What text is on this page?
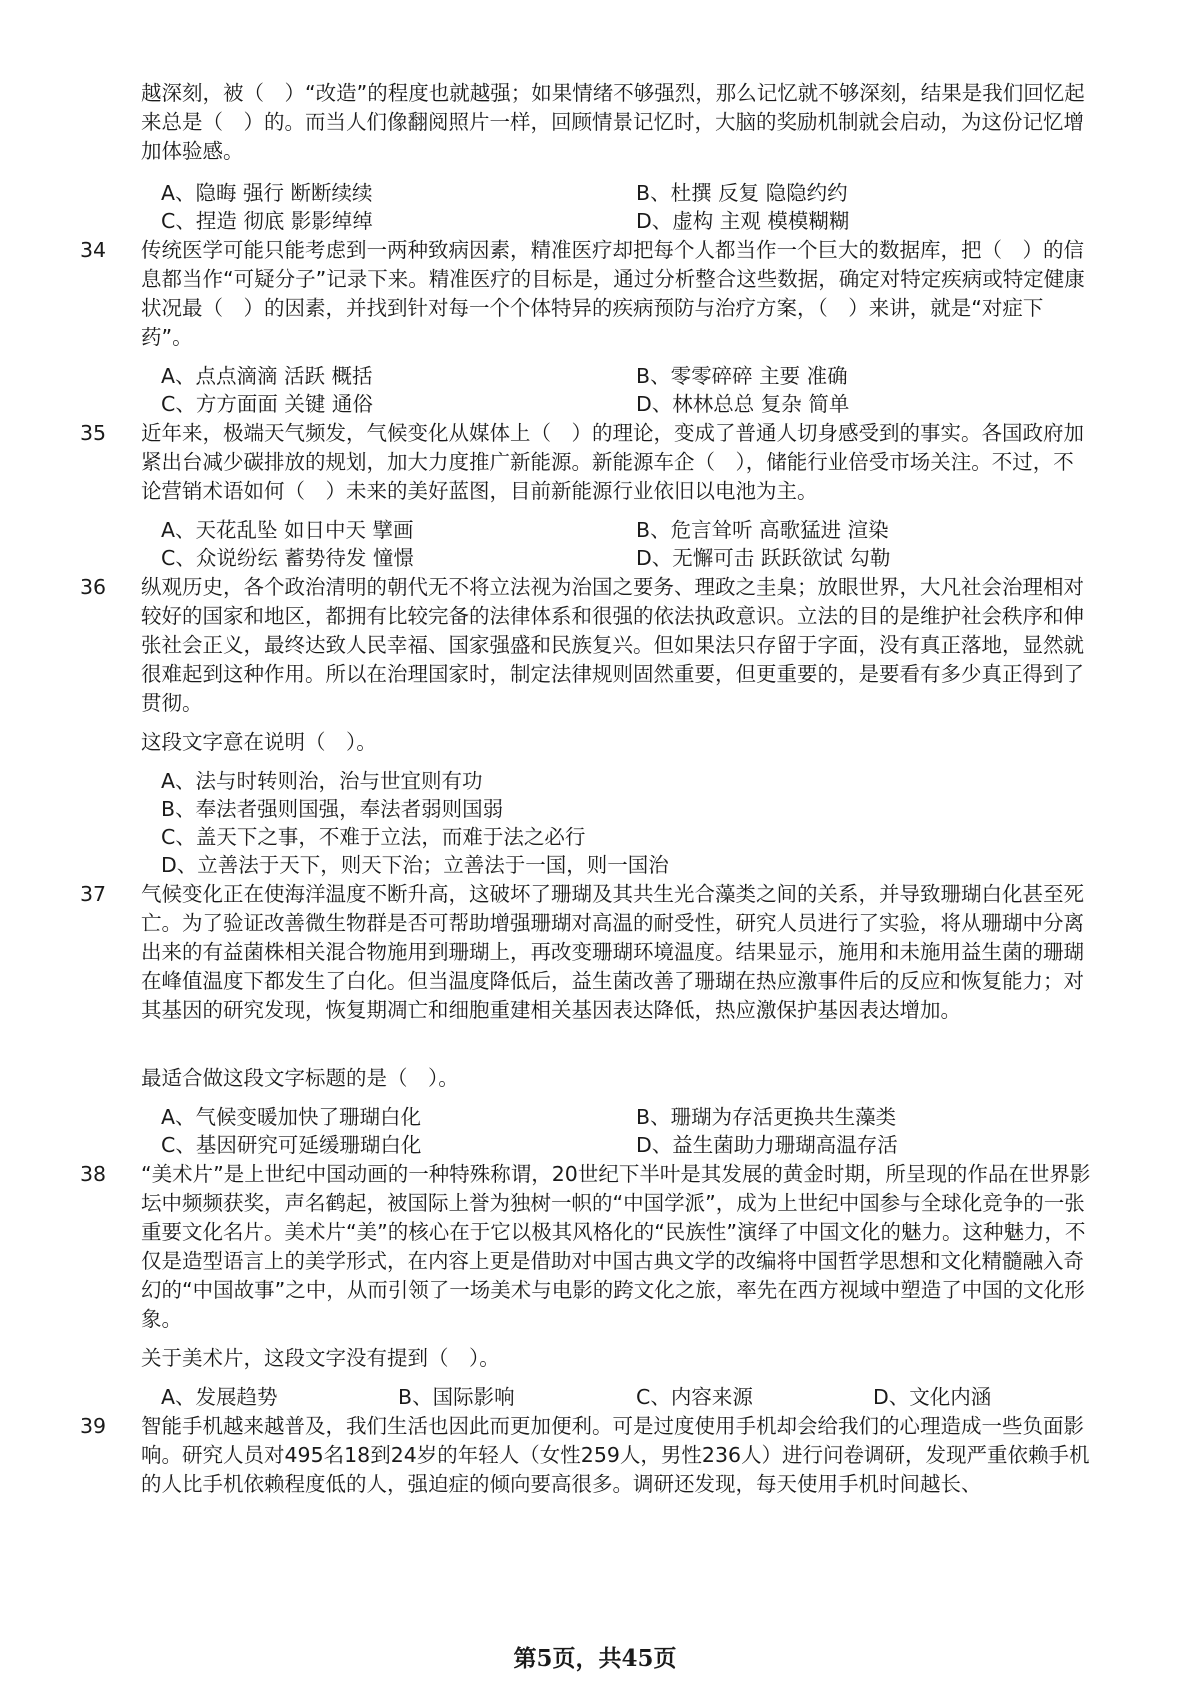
越深刻，被（　）“改造”的程度也就越强；如果情绪不够强烈，那么记忆就不够深刻，结果是我们回忆起来总是（　）的。而当人们像翻阅照片一样，回顾情景记忆时，大脑的奖励机制就会启动，为这份记忆增加体验感。

A、隐晦 强行 断断续续	B、杜撰 反复 隐隐约约
C、捏造 彻底 影影绰绰	D、虚构 主观 模模糊糊
34	传统医学可能只能考虑到一两种致病因素，精准医疗却把每个人都当作一个巨大的数据库，把（　）的信息都当作“可疑分子”记录下来。精准医疗的目标是，通过分析整合这些数据，确定对特定疾病或特定健康状况最（　）的因素，并找到针对每一个个体特异的疾病预防与治疗方案，（　）来讲，就是“对症下药”。

A、点点滴滴 活跃 概括	B、零零碎碎 主要 准确
C、方方面面 关键 通俗	D、林林总总 复杂 简单
35	近年来，极端天气频发，气候变化从媒体上（　）的理论，变成了普通人切身感受到的事实。各国政府加紧出台减少碳排放的规划，加大力度推广新能源。新能源车企（　），储能行业倍受市场关注。不过，不论营销术语如何（　）未来的美好蓝图，目前新能源行业依旧以电池为主。

A、天花乱坠 如日中天 擘画	B、危言耸听 高歌猛进 渲染
C、众说纷纭 蓄势待发 憧憬	D、无懈可击 跃跃欲试 勾勒
36	纵观历史，各个政治清明的朝代无不将立法视为治国之要务、理政之圭臬；放眼世界，大凡社会治理相对较好的国家和地区，都拥有比较完备的法律体系和很强的依法执政意识。立法的目的是维护社会秩序和伸张社会正义，最终达致人民幸福、国家强盛和民族复兴。但如果法只存留于字面，没有真正落地，显然就很难起到这种作用。所以在治理国家时，制定法律规则固然重要，但更重要的，是要看有多少真正得到了贯彻。

这段文字意在说明（　）。

A、法与时转则治，治与世宜则有功
B、奉法者强则国强，奉法者弱则国弱
C、盖天下之事，不难于立法，而难于法之必行
D、立善法于天下，则天下治；立善法于一国，则一国治
37	气候变化正在使海洋温度不断升高，这破坏了珊瑚及其共生光合藻类之间的关系，并导致珊瑚白化甚至死亡。为了验证改善微生物群是否可帮助增强珊瑚对高温的耐受性，研究人员进行了实验，将从珊瑚中分离出来的有益菌株相关混合物施用到珊瑚上，再改变珊瑚环境温度。结果显示，施用和未施用益生菌的珊瑚在峰值温度下都发生了白化。但当温度降低后，益生菌改善了珊瑚在热应激事件后的反应和恢复能力；对其基因的研究发现，恢复期凋亡和细胞重建相关基因表达降低，热应激保护基因表达增加。

最适合做这段文字标题的是（　）。

A、气候变暖加快了珊瑚白化	B、珊瑚为存活更换共生藻类
C、基因研究可延缓珊瑚白化	D、益生菌助力珊瑚高温存活
38	“美术片”是上世纪中国动画的一种特殊称谓，20世纪下半叶是其发展的黄金时期，所呈现的作品在世界影坛中频频获奖，声名鹤起，被国际上誉为独树一帜的“中国学派”，成为上世纪中国参与全球化竞争的一张重要文化名片。美术片“美”的核心在于它以极其风格化的“民族性”演绎了中国文化的魅力。这种魅力，不仅是造型语言上的美学形式，在内容上更是借助对中国古典文学的改编将中国哲学思想和文化精髓融入奇幻的“中国故事”之中，从而引领了一场美术与电影的跨文化之旅，率先在西方视域中塑造了中国的文化形象。

关于美术片，这段文字没有提到（　）。

A、发展趋势	B、国际影响	C、内容来源	D、文化内涵
39	智能手机越来越普及，我们生活也因此而更加便利。可是过度使用手机却会给我们的心理造成一些负面影响。研究人员对495名18到24岁的年轻人（女性259人，男性236人）进行问卷调研，发现严重依赖手机的人比手机依赖程度低的人，强迫症的倾向要高很多。调研还发现，每天使用手机时间越长、

第5页，共45页
